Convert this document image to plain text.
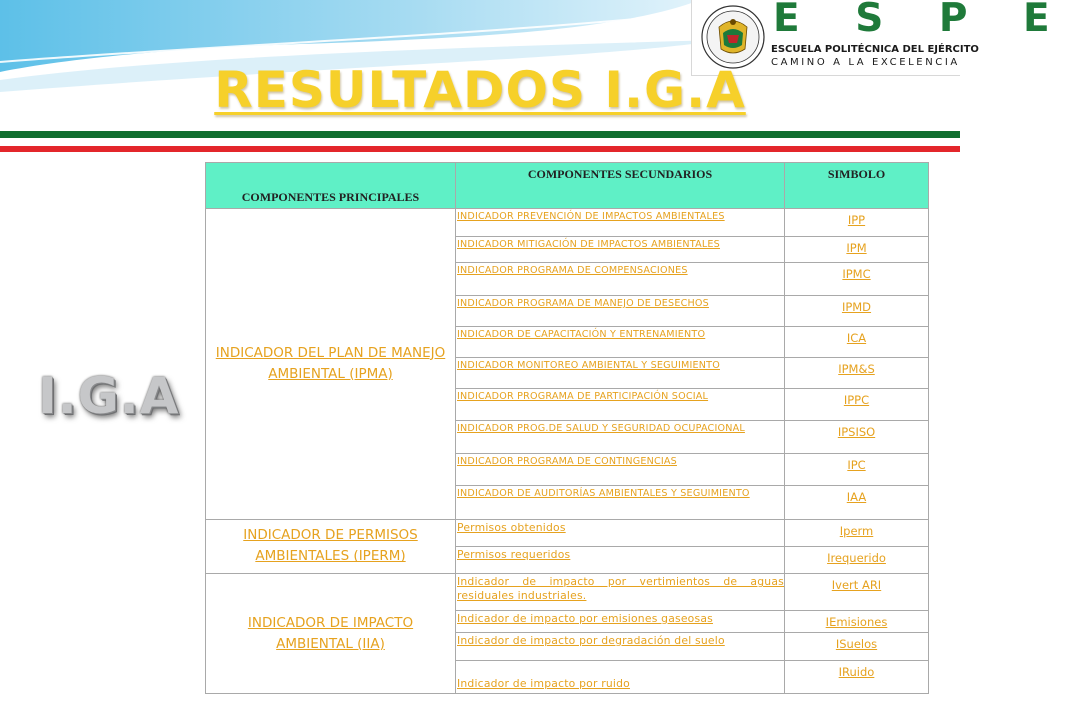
E S P E
ESCUELA POLITÉCNICA DEL EJÉRCITO
CAMINO A LA EXCELENCIA
RESULTADOS I.G.A
I.G.A
COMPONENTES PRINCIPALES	COMPONENTES SECUNDARIOS	SIMBOLO
INDICADOR DEL PLAN DE MANEJO AMBIENTAL (IPMA)	INDICADOR PREVENCIÓN DE IMPACTOS AMBIENTALES	IPP
	INDICADOR MITIGACIÓN DE IMPACTOS AMBIENTALES	IPM
	INDICADOR PROGRAMA DE COMPENSACIONES	IPMC
	INDICADOR PROGRAMA DE MANEJO DE DESECHOS	IPMD
	INDICADOR DE CAPACITACIÓN Y ENTRENAMIENTO	ICA
	INDICADOR MONITOREO AMBIENTAL Y SEGUIMIENTO	IPM&S
	INDICADOR PROGRAMA DE PARTICIPACIÓN SOCIAL	IPPC
	INDICADOR PROG.DE SALUD Y SEGURIDAD OCUPACIONAL	IPSISO
	INDICADOR PROGRAMA DE CONTINGENCIAS	IPC
	INDICADOR DE AUDITORÍAS AMBIENTALES Y SEGUIMIENTO	IAA
INDICADOR DE PERMISOS AMBIENTALES (IPERM)	Permisos obtenidos	Iperm
	Permisos requeridos	Irequerido
INDICADOR DE IMPACTO AMBIENTAL (IIA)	Indicador de impacto por vertimientos de aguas residuales industriales.	Ivert ARI
	Indicador de impacto por emisiones gaseosas	IEmisiones
	Indicador de impacto por degradación del suelo	ISuelos
	Indicador de impacto por ruido	IRuido
